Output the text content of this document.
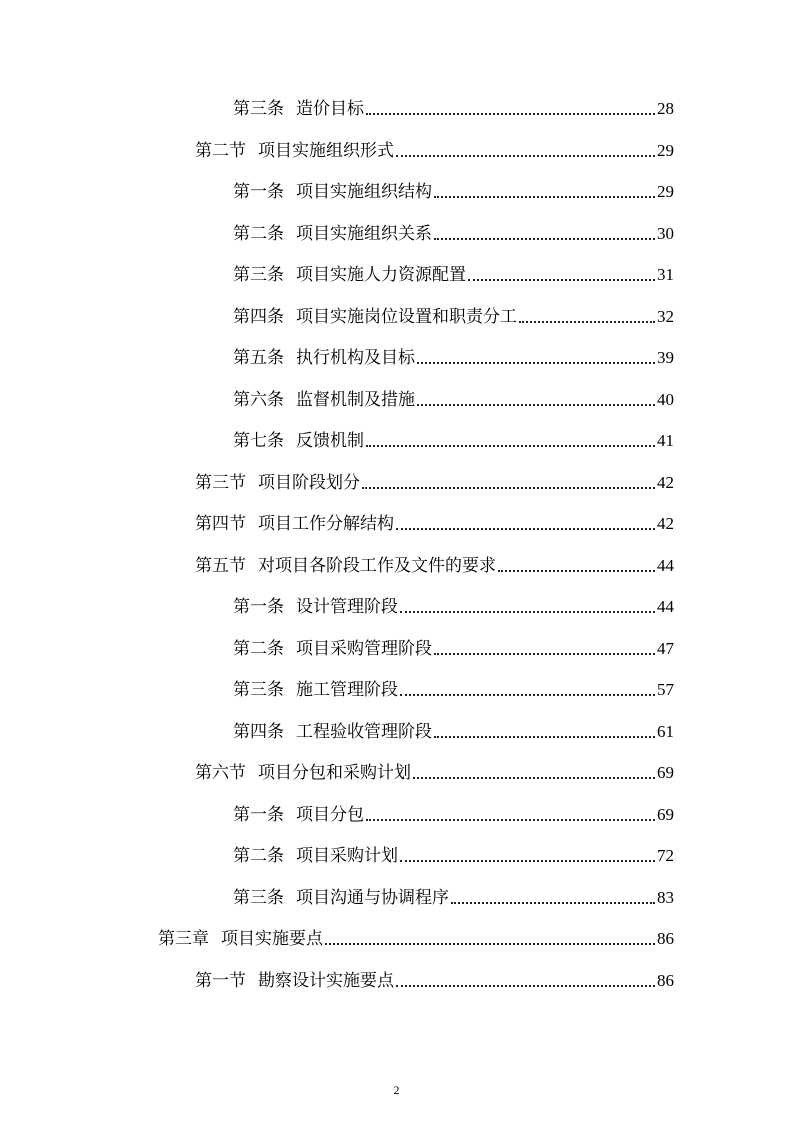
第三条 造价目标	28
第二节 项目实施组织形式	29
第一条 项目实施组织结构	29
第二条 项目实施组织关系	30
第三条 项目实施人力资源配置	31
第四条 项目实施岗位设置和职责分工	32
第五条 执行机构及目标	39
第六条 监督机制及措施	40
第七条 反馈机制	41
第三节 项目阶段划分	42
第四节 项目工作分解结构	42
第五节 对项目各阶段工作及文件的要求	44
第一条 设计管理阶段	44
第二条 项目采购管理阶段	47
第三条 施工管理阶段	57
第四条 工程验收管理阶段	61
第六节 项目分包和采购计划	69
第一条 项目分包	69
第二条 项目采购计划	72
第三条 项目沟通与协调程序	83
第三章 项目实施要点	86
第一节 勘察设计实施要点	86
2
